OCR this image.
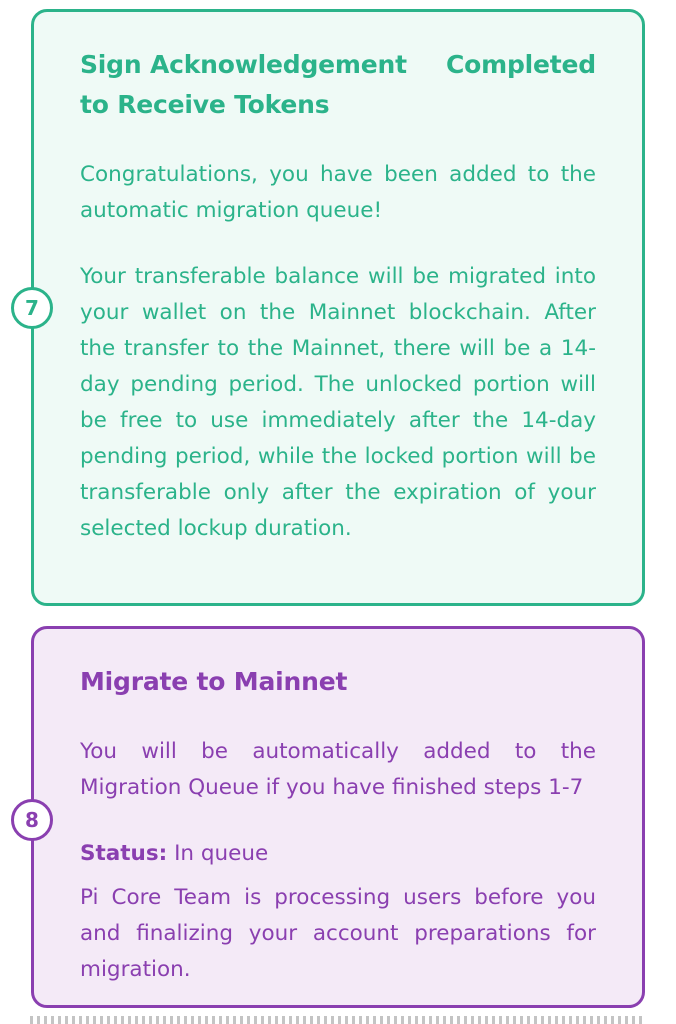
7
Sign Acknowledgement to Receive Tokens
Completed

Congratulations, you have been added to the automatic migration queue!

Your transferable balance will be migrated into your wallet on the Mainnet blockchain. After the transfer to the Mainnet, there will be a 14-day pending period. The unlocked portion will be free to use immediately after the 14-day pending period, while the locked portion will be transferable only after the expiration of your selected lockup duration.

8
Migrate to Mainnet

You will be automatically added to the Migration Queue if you have finished steps 1-7

Status: In queue

Pi Core Team is processing users before you and finalizing your account preparations for migration.
